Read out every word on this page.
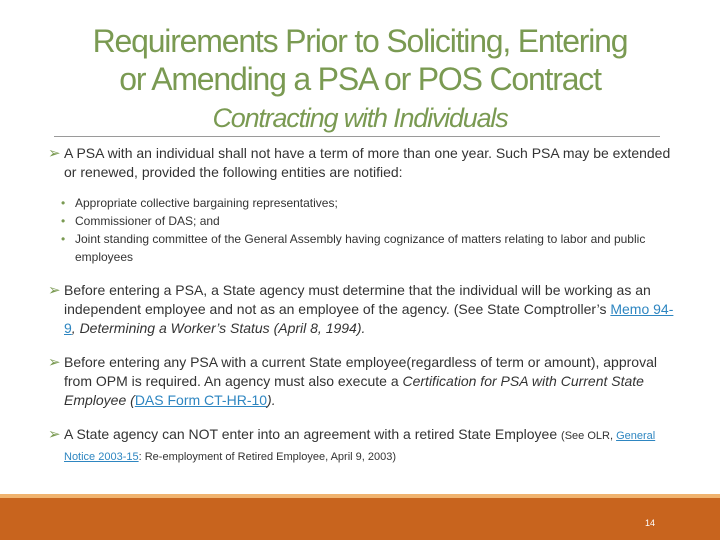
Requirements Prior to Soliciting, Entering
or Amending a PSA or POS Contract
Contracting with Individuals
➢ A PSA with an individual shall not have a term of more than one year. Such PSA may be extended or renewed, provided the following entities are notified:
• Appropriate collective bargaining representatives;
• Commissioner of DAS; and
• Joint standing committee of the General Assembly having cognizance of matters relating to labor and public employees
➢ Before entering a PSA, a State agency must determine that the individual will be working as an independent employee and not as an employee of the agency. (See State Comptroller’s Memo 94-9, Determining a Worker’s Status (April 8, 1994).
➢ Before entering any PSA with a current State employee(regardless of term or amount), approval from OPM is required. An agency must also execute a Certification for PSA with Current State Employee (DAS Form CT-HR-10).
➢ A State agency can NOT enter into an agreement with a retired State Employee (See OLR, General Notice 2003-15: Re-employment of Retired Employee, April 9, 2003)
14
